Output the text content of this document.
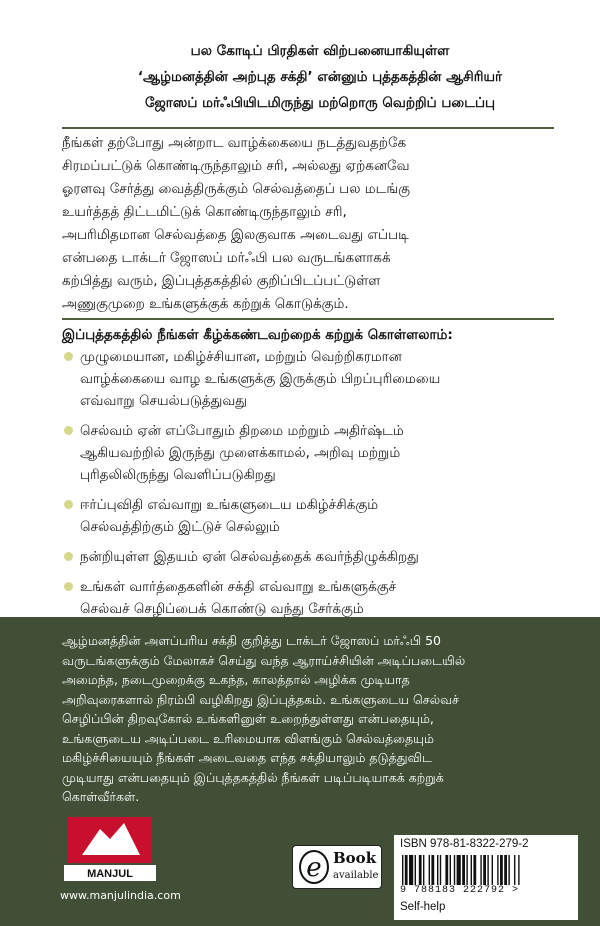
பல கோடிப் பிரதிகள் விற்பனையாகியுள்ள
‘ஆழ்மனத்தின் அற்புத சக்தி’ என்னும் புத்தகத்தின் ஆசிரியர்
ஜோஸப் மர்ஃபியிடமிருந்து மற்றொரு வெற்றிப் படைப்பு
நீங்கள் தற்போது அன்றாட வாழ்க்கையை நடத்துவதற்கே
சிரமப்பட்டுக் கொண்டிருந்தாலும் சரி, அல்லது ஏற்கனவே
ஓரளவு சேர்த்து வைத்திருக்கும் செல்வத்தைப் பல மடங்கு
உயர்த்தத் திட்டமிட்டுக் கொண்டிருந்தாலும் சரி,
அபரிமிதமான செல்வத்தை இலகுவாக அடைவது எப்படி
என்பதை டாக்டர் ஜோஸப் மர்ஃபி பல வருடங்களாகக்
கற்பித்து வரும், இப்புத்தகத்தில் குறிப்பிடப்பட்டுள்ள
அணுகுமுறை உங்களுக்குக் கற்றுக் கொடுக்கும்.
இப்புத்தகத்தில் நீங்கள் கீழ்க்கண்டவற்றைக் கற்றுக் கொள்ளலாம்:
முழுமையான, மகிழ்ச்சியான, மற்றும் வெற்றிகரமான
வாழ்க்கையை வாழ உங்களுக்கு இருக்கும் பிறப்புரிமையை
எவ்வாறு செயல்படுத்துவது
செல்வம் ஏன் எப்போதும் திறமை மற்றும் அதிர்ஷ்டம்
ஆகியவற்றில் இருந்து முளைக்காமல், அறிவு மற்றும்
புரிதலிலிருந்து வெளிப்படுகிறது
ஈர்ப்புவிதி எவ்வாறு உங்களுடைய மகிழ்ச்சிக்கும்
செல்வத்திற்கும் இட்டுச் செல்லும்
நன்றியுள்ள இதயம் ஏன் செல்வத்தைக் கவர்ந்திழுக்கிறது
உங்கள் வார்த்தைகளின் சக்தி எவ்வாறு உங்களுக்குச்
செல்வச் செழிப்பைக் கொண்டு வந்து சேர்க்கும்
ஆழ்மனத்தின் அளப்பரிய சக்தி குறித்து டாக்டர் ஜோஸப் மர்ஃபி 50
வருடங்களுக்கும் மேலாகச் செய்து வந்த ஆராய்ச்சியின் அடிப்படையில்
அமைந்த, நடைமுறைக்கு உகந்த, காலத்தால் அழிக்க முடியாத
அறிவுரைகளால் நிரம்பி வழிகிறது இப்புத்தகம். உங்களுடைய செல்வச்
செழிப்பின் திறவுகோல் உங்களினுள் உறைந்துள்ளது என்பதையும்,
உங்களுடைய அடிப்படை உரிமையாக விளங்கும் செல்வத்தையும்
மகிழ்ச்சியையும் நீங்கள் அடைவதை எந்த சக்தியாலும் தடுத்துவிட
முடியாது என்பதையும் இப்புத்தகத்தில் நீங்கள் படிப்படியாகக் கற்றுக்
கொள்வீர்கள்.
MANJUL
www.manjulindia.com
e Book
available
ISBN 978-81-8322-279-2
9 788183 222792 >
Self-help
